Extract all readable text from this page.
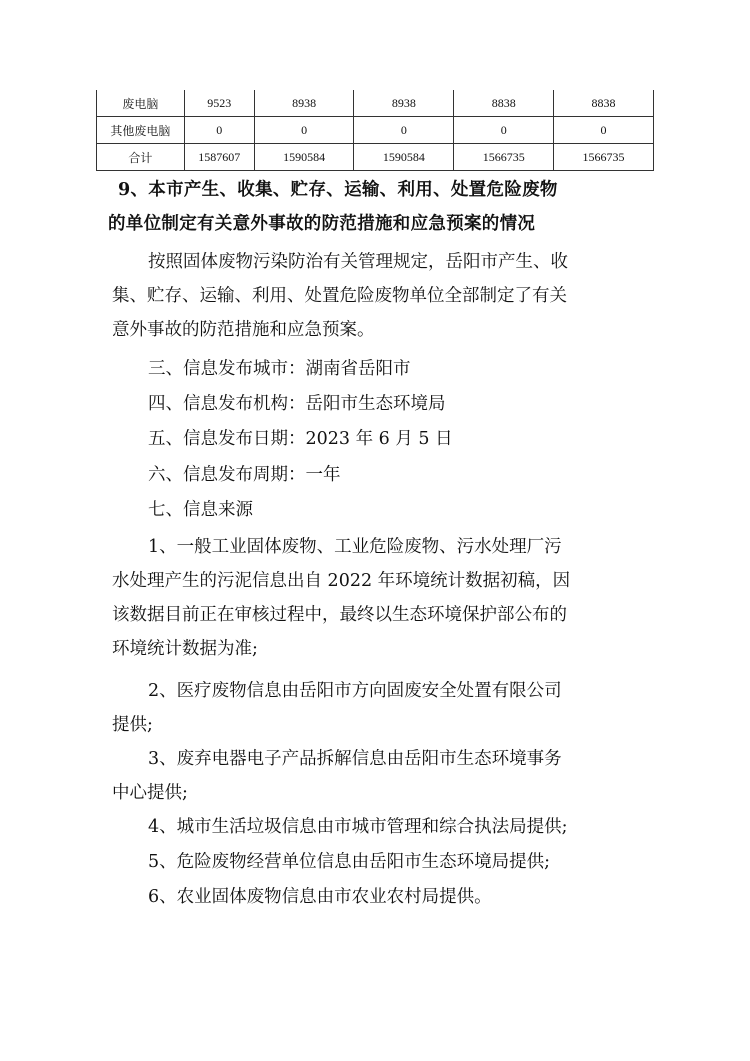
废电脑	9523	8938	8938	8838	8838
其他废电脑	0	0	0	0	0
合计	1587607	1590584	1590584	1566735	1566735
9、本市产生、收集、贮存、运输、利用、处置危险废物
的单位制定有关意外事故的防范措施和应急预案的情况
按照固体废物污染防治有关管理规定，岳阳市产生、收
集、贮存、运输、利用、处置危险废物单位全部制定了有关
意外事故的防范措施和应急预案。
三、信息发布城市：湖南省岳阳市
四、信息发布机构：岳阳市生态环境局
五、信息发布日期：2023 年 6 月 5 日
六、信息发布周期：一年
七、信息来源
1、一般工业固体废物、工业危险废物、污水处理厂污
水处理产生的污泥信息出自 2022 年环境统计数据初稿，因
该数据目前正在审核过程中，最终以生态环境保护部公布的
环境统计数据为准;
2、医疗废物信息由岳阳市方向固废安全处置有限公司
提供;
3、废弃电器电子产品拆解信息由岳阳市生态环境事务
中心提供;
4、城市生活垃圾信息由市城市管理和综合执法局提供;
5、危险废物经营单位信息由岳阳市生态环境局提供;
6、农业固体废物信息由市农业农村局提供。
